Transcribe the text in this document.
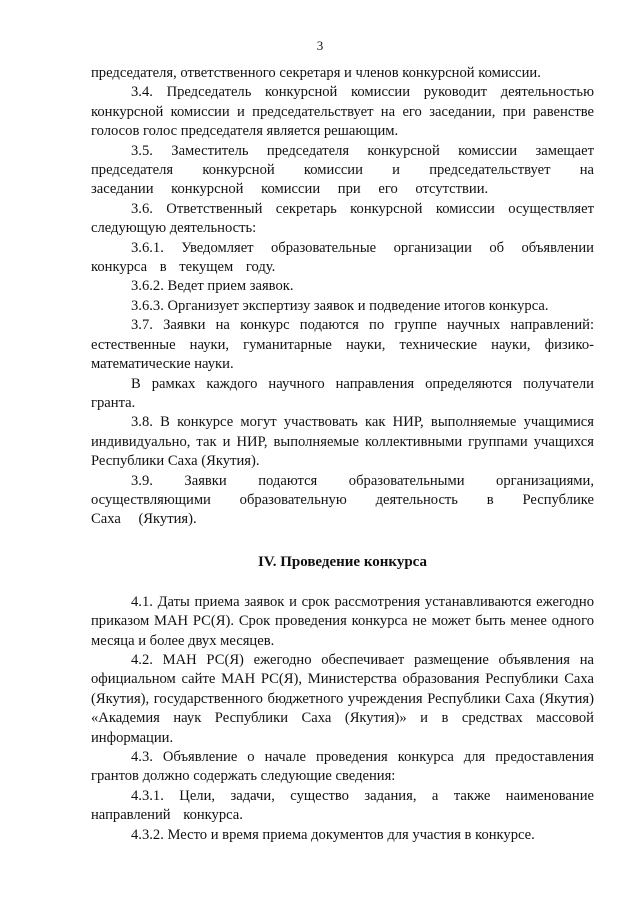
3

председателя, ответственного секретаря и членов конкурсной комиссии.

3.4. Председатель конкурсной комиссии руководит деятельностью конкурсной комиссии и председательствует на его заседании, при равенстве голосов голос председателя является решающим.

3.5. Заместитель председателя конкурсной комиссии замещает председателя конкурсной комиссии и председательствует на заседании конкурсной комиссии при его отсутствии.

3.6. Ответственный секретарь конкурсной комиссии осуществляет следующую деятельность:

3.6.1. Уведомляет образовательные организации об объявлении конкурса в текущем году.

3.6.2. Ведет прием заявок.

3.6.3. Организует экспертизу заявок и подведение итогов конкурса.

3.7. Заявки на конкурс подаются по группе научных направлений: естественные науки, гуманитарные науки, технические науки, физико-математические науки.

В рамках каждого научного направления определяются получатели гранта.

3.8. В конкурсе могут участвовать как НИР, выполняемые учащимися индивидуально, так и НИР, выполняемые коллективными группами учащихся Республики Саха (Якутия).

3.9. Заявки подаются образовательными организациями, осуществляющими образовательную деятельность в Республике Саха (Якутия).

IV. Проведение конкурса

4.1. Даты приема заявок и срок рассмотрения устанавливаются ежегодно приказом МАН РС(Я). Срок проведения конкурса не может быть менее одного месяца и более двух месяцев.

4.2. МАН РС(Я) ежегодно обеспечивает размещение объявления на официальном сайте МАН РС(Я), Министерства образования Республики Саха (Якутия), государственного бюджетного учреждения Республики Саха (Якутия) «Академия наук Республики Саха (Якутия)» и в средствах массовой информации.

4.3. Объявление о начале проведения конкурса для предоставления грантов должно содержать следующие сведения:

4.3.1. Цели, задачи, существо задания, а также наименование направлений конкурса.

4.3.2. Место и время приема документов для участия в конкурсе.
